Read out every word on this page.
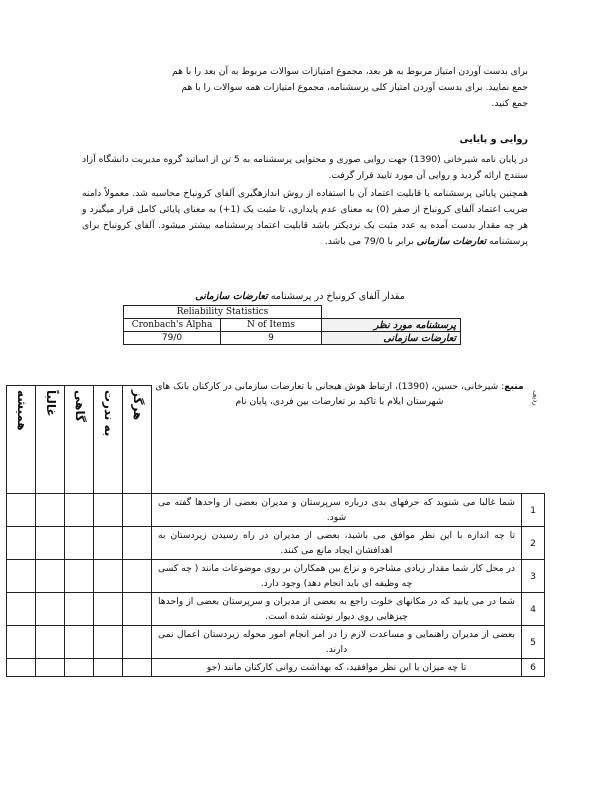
برای بدست آوردن امتیاز مربوط به هر بعد، مجموع امتیازات سوالات مربوط به آن بعد را با هم
جمع نمایید. برای بدست آوردن امتیاز کلی پرسشنامه، مجموع امتیازات همه سوالات را با هم
جمع کنید.
روایی و پایایی
در پایان نامه شیرخانی (1390) جهت روایی صوری و محتوایی پرسشنامه به 5 تن از اساتید گروه مدیریت دانشگاه آزاد سنندج ارائه گردید و روایی آن مورد تایید قرار گرفت.
همچنین پایائی پرسشنامه یا قابلیت اعتماد آن با استفاده از روش اندازهگیری آلفای کرونباخ محاسبه شد. معمولاً دامنه ضریب اعتماد آلفای کرونباخ از صفر (0) به معنای عدم پایداری، تا مثبت یک (1+) به معنای پایائی کامل قرار میگیرد و هر چه مقدار بدست آمده به عدد مثبت یک نزدیکتر باشد قابلیت اعتماد پرسشنامه بیشتر میشود. آلفای کرونباخ برای پرسشنامه تعارضات سازمانی برابر با 79/0 می باشد.
مقدار آلفای کرونباخ در پرسشنامه تعارضات سازمانی
Reliability Statistics		
Cronbach's Alpha	N of Items	پرسشنامه مورد نظر
79/0	9	تعارضات سازمانی
منبع: شیرخانی، حسین، (1390)، ارتباط هوش هیجانی با تعارضات سازمانی در کارکنان بانک های شهرستان ایلام با تاکید بر تعارضات بین فردی، پایان نام
همیشه	غالباً	گاهی	به ندرت	هرگز		ردیف

					شما غالبا می شنوید که حرفهای بدی درباره سرپرستان و مدیران بعضی از واحدها گفته می شود.	1
					تا چه اندازه با این نظر موافق می باشید، بعضی از مدیران در راه رسیدن زیردستان به اهدافشان ایجاد مانع می کنند.	2
					در محل کار شما مقدار زیادی مشاجره و نزاع بین همکاران بر روی موضوعات مانند ( چه کسی چه وظیفه ای باید انجام دهد) وجود دارد.	3
					شما در می یابید که در مکانهای خلوت راجع به بعضی از مدیران و سرپرستان بعضی از واحدها چیزهایی روی دیوار نوشته شده است.	4
					بعضی از مدیران راهنمایی و مساعدت لازم را در امر انجام امور محوله زیردستان اعمال نمی دارند.	5
					تا چه میزان با این نظر موافقید، که بهداشت روانی کارکنان مانند (جو	6
